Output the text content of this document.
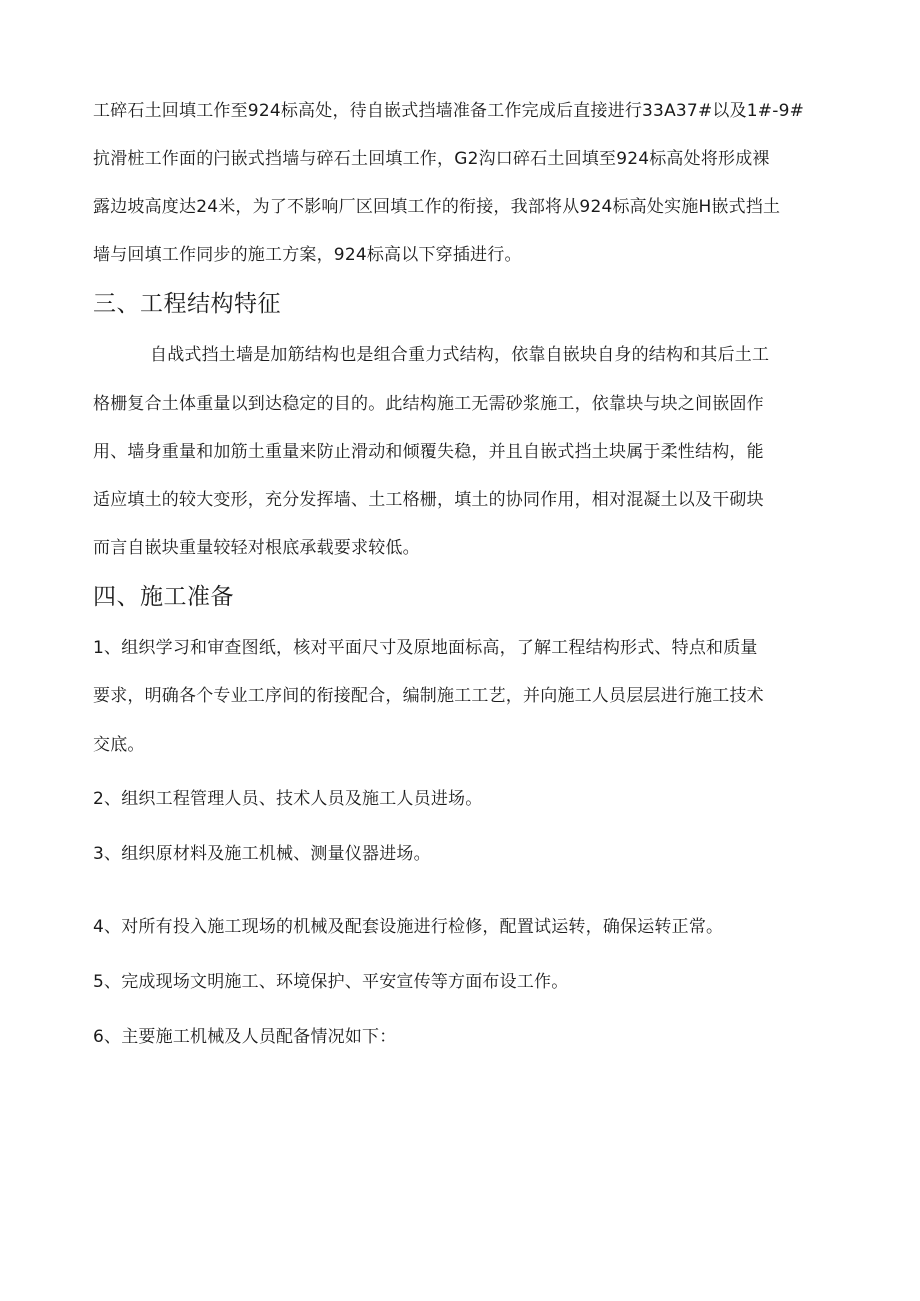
工碎石土回填工作至924标高处，待自嵌式挡墙准备工作完成后直接进行33A37#以及1#-9#
抗滑桩工作面的闩嵌式挡墙与碎石土回填工作，G2沟口碎石土回填至924标高处将形成裸
露边坡高度达24米，为了不影响厂区回填工作的衔接，我部将从924标高处实施H嵌式挡土
墙与回填工作同步的施工方案，924标高以下穿插进行。
三、工程结构特征
自战式挡土墙是加筋结构也是组合重力式结构，依靠自嵌块自身的结构和其后土工
格栅复合土体重量以到达稳定的目的。此结构施工无需砂浆施工，依靠块与块之间嵌固作
用、墙身重量和加筋土重量来防止滑动和倾覆失稳，并且自嵌式挡土块属于柔性结构，能
适应填土的较大变形，充分发挥墙、土工格栅，填土的协同作用，相对混凝土以及干砌块
而言自嵌块重量较轻对根底承载要求较低。
四、施工准备
1、组织学习和审查图纸，核对平面尺寸及原地面标高，了解工程结构形式、特点和质量
要求，明确各个专业工序间的衔接配合，编制施工工艺，并向施工人员层层进行施工技术
交底。
2、组织工程管理人员、技术人员及施工人员进场。
3、组织原材料及施工机械、测量仪器进场。
4、对所有投入施工现场的机械及配套设施进行检修，配置试运转，确保运转正常。
5、完成现场文明施工、环境保护、平安宣传等方面布设工作。
6、主要施工机械及人员配备情况如下：
